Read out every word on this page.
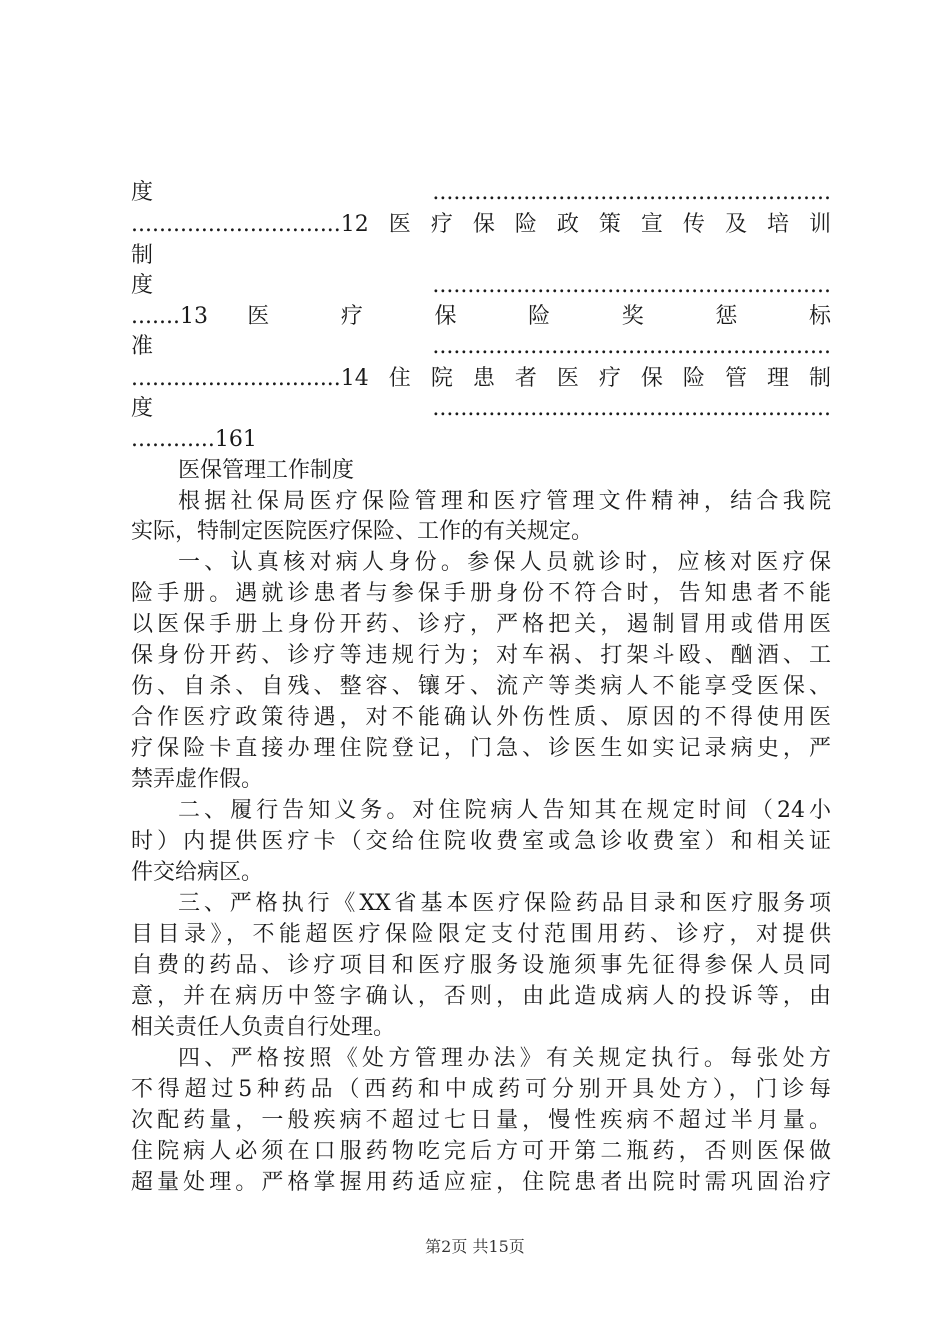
度.........................................................
..............................12医疗保险政策宣传及培训
制
度.........................................................
.......13 医 疗 保 险 奖 惩 标
准.........................................................
..............................14住院患者医疗保险管理制
度.........................................................
............161
医保管理工作制度
根据社保局医疗保险管理和医疗管理文件精神，结合我院
实际，特制定医院医疗保险、工作的有关规定。
一、认真核对病人身份。参保人员就诊时，应核对医疗保
险手册。遇就诊患者与参保手册身份不符合时，告知患者不能
以医保手册上身份开药、诊疗，严格把关，遏制冒用或借用医
保身份开药、诊疗等违规行为；对车祸、打架斗殴、酗酒、工
伤、自杀、自残、整容、镶牙、流产等类病人不能享受医保、
合作医疗政策待遇，对不能确认外伤性质、原因的不得使用医
疗保险卡直接办理住院登记，门急、诊医生如实记录病史，严
禁弄虚作假。
二、履行告知义务。对住院病人告知其在规定时间（24小
时）内提供医疗卡（交给住院收费室或急诊收费室）和相关证
件交给病区。
三、严格执行《XX省基本医疗保险药品目录和医疗服务项
目目录》，不能超医疗保险限定支付范围用药、诊疗，对提供
自费的药品、诊疗项目和医疗服务设施须事先征得参保人员同
意，并在病历中签字确认，否则，由此造成病人的投诉等，由
相关责任人负责自行处理。
四、严格按照《处方管理办法》有关规定执行。每张处方
不得超过5种药品（西药和中成药可分别开具处方），门诊每
次配药量，一般疾病不超过七日量，慢性疾病不超过半月量。
住院病人必须在口服药物吃完后方可开第二瓶药，否则医保做
超量处理。严格掌握用药适应症，住院患者出院时需巩固治疗
第2页 共15页
